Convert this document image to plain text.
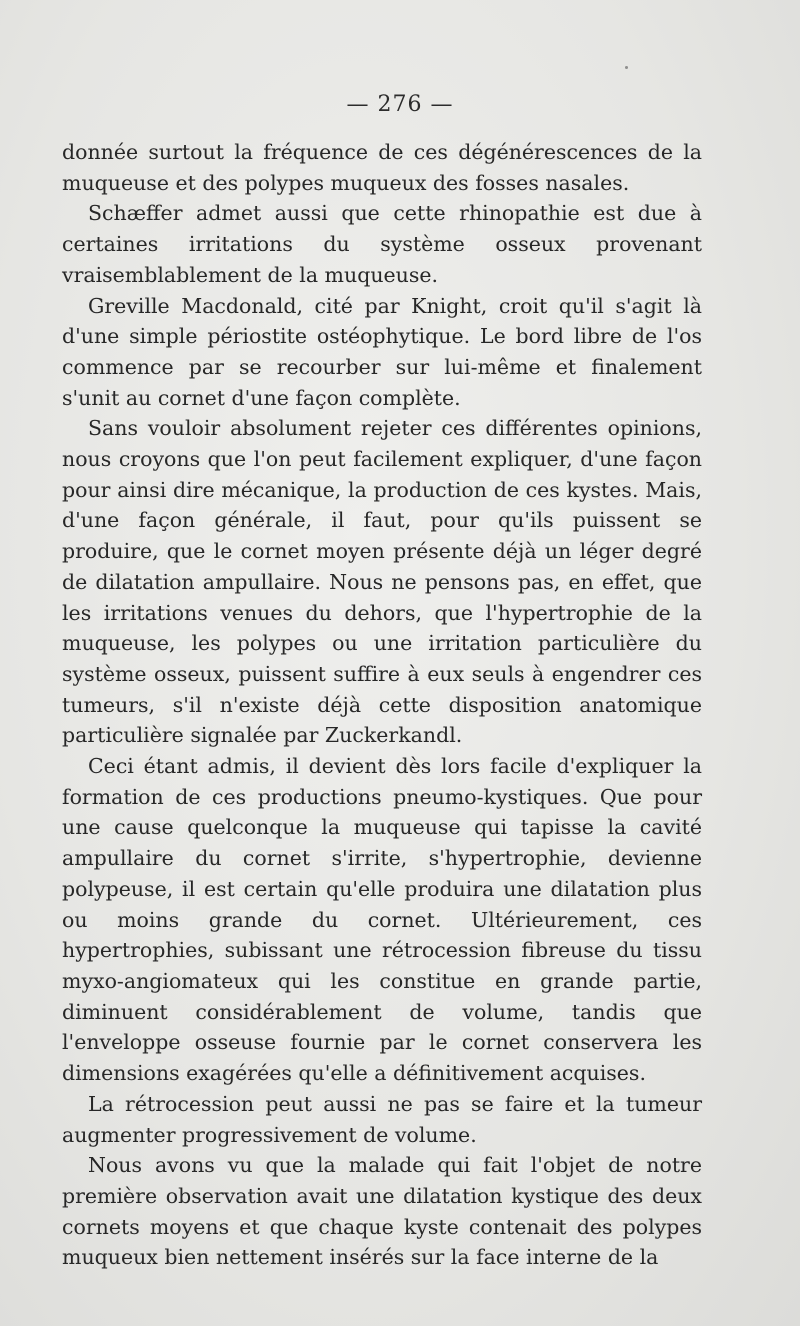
— 276 —

donnée surtout la fréquence de ces dégénérescences de la muqueuse et des polypes muqueux des fosses nasales.

Schæffer admet aussi que cette rhinopathie est due à certaines irritations du système osseux provenant vraisemblablement de la muqueuse.

Greville Macdonald, cité par Knight, croit qu'il s'agit là d'une simple périostite ostéophytique. Le bord libre de l'os commence par se recourber sur lui-même et finalement s'unit au cornet d'une façon complète.

Sans vouloir absolument rejeter ces différentes opinions, nous croyons que l'on peut facilement expliquer, d'une façon pour ainsi dire mécanique, la production de ces kystes. Mais, d'une façon générale, il faut, pour qu'ils puissent se produire, que le cornet moyen présente déjà un léger degré de dilatation ampullaire. Nous ne pensons pas, en effet, que les irritations venues du dehors, que l'hypertrophie de la muqueuse, les polypes ou une irritation particulière du système osseux, puissent suffire à eux seuls à engendrer ces tumeurs, s'il n'existe déjà cette disposition anatomique particulière signalée par Zuckerkandl.

Ceci étant admis, il devient dès lors facile d'expliquer la formation de ces productions pneumo-kystiques. Que pour une cause quelconque la muqueuse qui tapisse la cavité ampullaire du cornet s'irrite, s'hypertrophie, devienne polypeuse, il est certain qu'elle produira une dilatation plus ou moins grande du cornet. Ultérieurement, ces hypertrophies, subissant une rétrocession fibreuse du tissu myxo-angiomateux qui les constitue en grande partie, diminuent considérablement de volume, tandis que l'enveloppe osseuse fournie par le cornet conservera les dimensions exagérées qu'elle a définitivement acquises.

La rétrocession peut aussi ne pas se faire et la tumeur augmenter progressivement de volume.

Nous avons vu que la malade qui fait l'objet de notre première observation avait une dilatation kystique des deux cornets moyens et que chaque kyste contenait des polypes muqueux bien nettement insérés sur la face interne de la
